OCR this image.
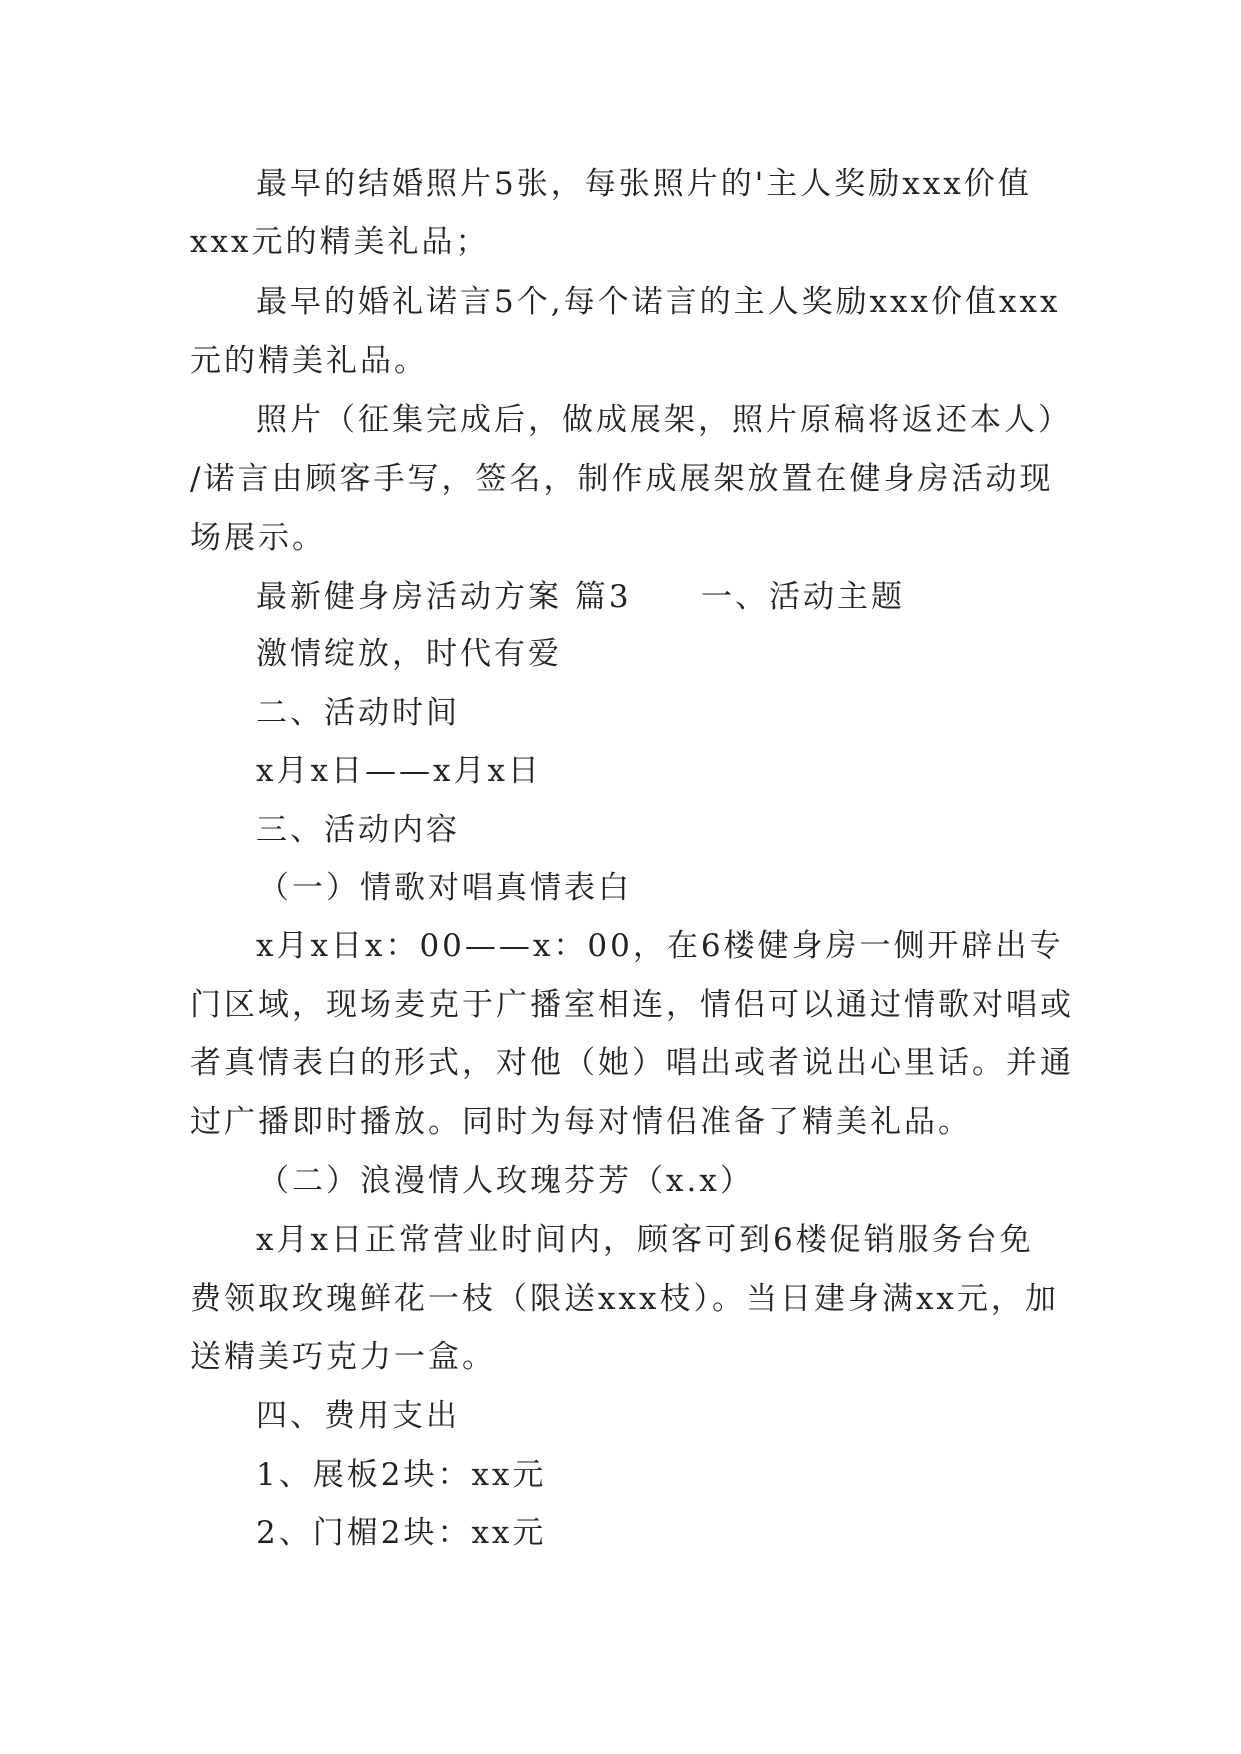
最早的结婚照片5张，每张照片的'主人奖励xxx价值
xxx元的精美礼品；
最早的婚礼诺言5个,每个诺言的主人奖励xxx价值xxx
元的精美礼品。
照片（征集完成后，做成展架，照片原稿将返还本人）
/诺言由顾客手写，签名，制作成展架放置在健身房活动现
场展示。
最新健身房活动方案 篇3 一、活动主题
激情绽放，时代有爱
二、活动时间
x月x日——x月x日
三、活动内容
（一）情歌对唱真情表白
x月x日x：00——x：00，在6楼健身房一侧开辟出专
门区域，现场麦克于广播室相连，情侣可以通过情歌对唱或
者真情表白的形式，对他（她）唱出或者说出心里话。并通
过广播即时播放。同时为每对情侣准备了精美礼品。
（二）浪漫情人玫瑰芬芳（x.x）
x月x日正常营业时间内，顾客可到6楼促销服务台免
费领取玫瑰鲜花一枝（限送xxx枝）。当日建身满xx元，加
送精美巧克力一盒。
四、费用支出
1、展板2块：xx元
2、门楣2块：xx元
